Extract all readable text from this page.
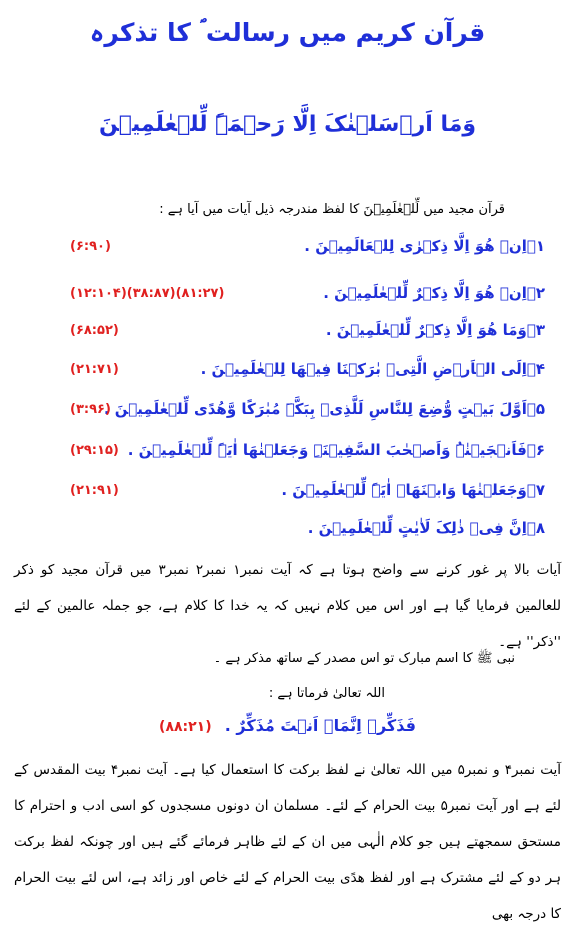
قرآن کریم میں رسالت ؐ کا تذکرہ
وَمَا اَرۡسَلۡنٰکَ اِلَّا رَحۡمَۃً لِّلۡعٰلَمِیۡنَ
قرآن مجید میں لِّلۡعٰلَمِیۡنَ کا لفظ مندرجہ ذیل آیات میں آیا ہے :
۱۔اِنۡ ھُوَ اِلَّا ذِکۡرٰی لِلۡعَالَمِیۡنَ .
(۶:۹۰)
۲۔اِنۡ ھُوَ اِلَّا ذِکۡرٌ لِّلۡعٰلَمِیۡنَ .
(۱۲:۱۰۴)(۳۸:۸۷)(۸۱:۲۷)
۳۔وَمَا ھُوَ اِلَّا ذِکۡرٌ لِّلۡعٰلَمِیۡنَ .
(۶۸:۵۲)
۴۔اِلَی الۡاَرۡضِ الَّتِیۡ بٰرَکۡنَا فِیۡھَا لِلۡعٰلَمِیۡنَ .
(۲۱:۷۱)
۵۔اَوَّلَ بَیۡتٍ وُّضِعَ لِلنَّاسِ لَلَّذِیۡ بِبَکَّۃَ مُبٰرَکًا وَّھُدًی لِّلۡعٰلَمِیۡنَ .
(۳:۹۶)
۶۔فَاَنۡجَیۡنٰہُ وَاَصۡحٰبَ السَّفِیۡنَۃِ وَجَعَلۡنٰھَا اٰیَۃً لِّلۡعٰلَمِیۡنَ .
(۲۹:۱۵)
۷۔وَجَعَلۡنٰھَا وَابۡنَھَاۤ اٰیَۃً لِّلۡعٰلَمِیۡنَ .
(۲۱:۹۱)
۸۔اِنَّ فِیۡ ذٰلِکَ لَاٰیٰتٍ لِّلۡعٰلَمِیۡنَ .
آیات بالا پر غور کرنے سے واضح ہوتا ہے کہ آیت نمبر۱ نمبر۲ نمبر۳ میں قرآن مجید کو ذکر للعالمین فرمایا گیا ہے اور اس میں کلام نہیں کہ یہ خدا کا کلام ہے، جو جملہ عالمین کے لئے ''ذکر'' ہے۔
نبی ﷺ کا اسم مبارک تو اس مصدر کے ساتھ مذکر ہے ۔
اللہ تعالیٰ فرماتا ہے :
فَذَکِّرۡ اِنَّمَاۤ اَنۡتَ مُذَکِّرٌ . (۸۸:۲۱)
آیت نمبر۴ و نمبر۵ میں اللہ تعالیٰ نے لفظ برکت کا استعمال کیا ہے۔ آیت نمبر۴ بیت المقدس کے لئے ہے اور آیت نمبر۵ بیت الحرام کے لئے۔ مسلمان ان دونوں مسجدوں کو اسی ادب و احترام کا مستحق سمجھتے ہیں جو کلام الٰہی میں ان کے لئے ظاہر فرمائے گئے ہیں اور چونکہ لفظ برکت ہر دو کے لئے مشترک ہے اور لفظ ھدًی بیت الحرام کے لئے خاص اور زائد ہے، اس لئے بیت الحرام کا درجہ بھی
